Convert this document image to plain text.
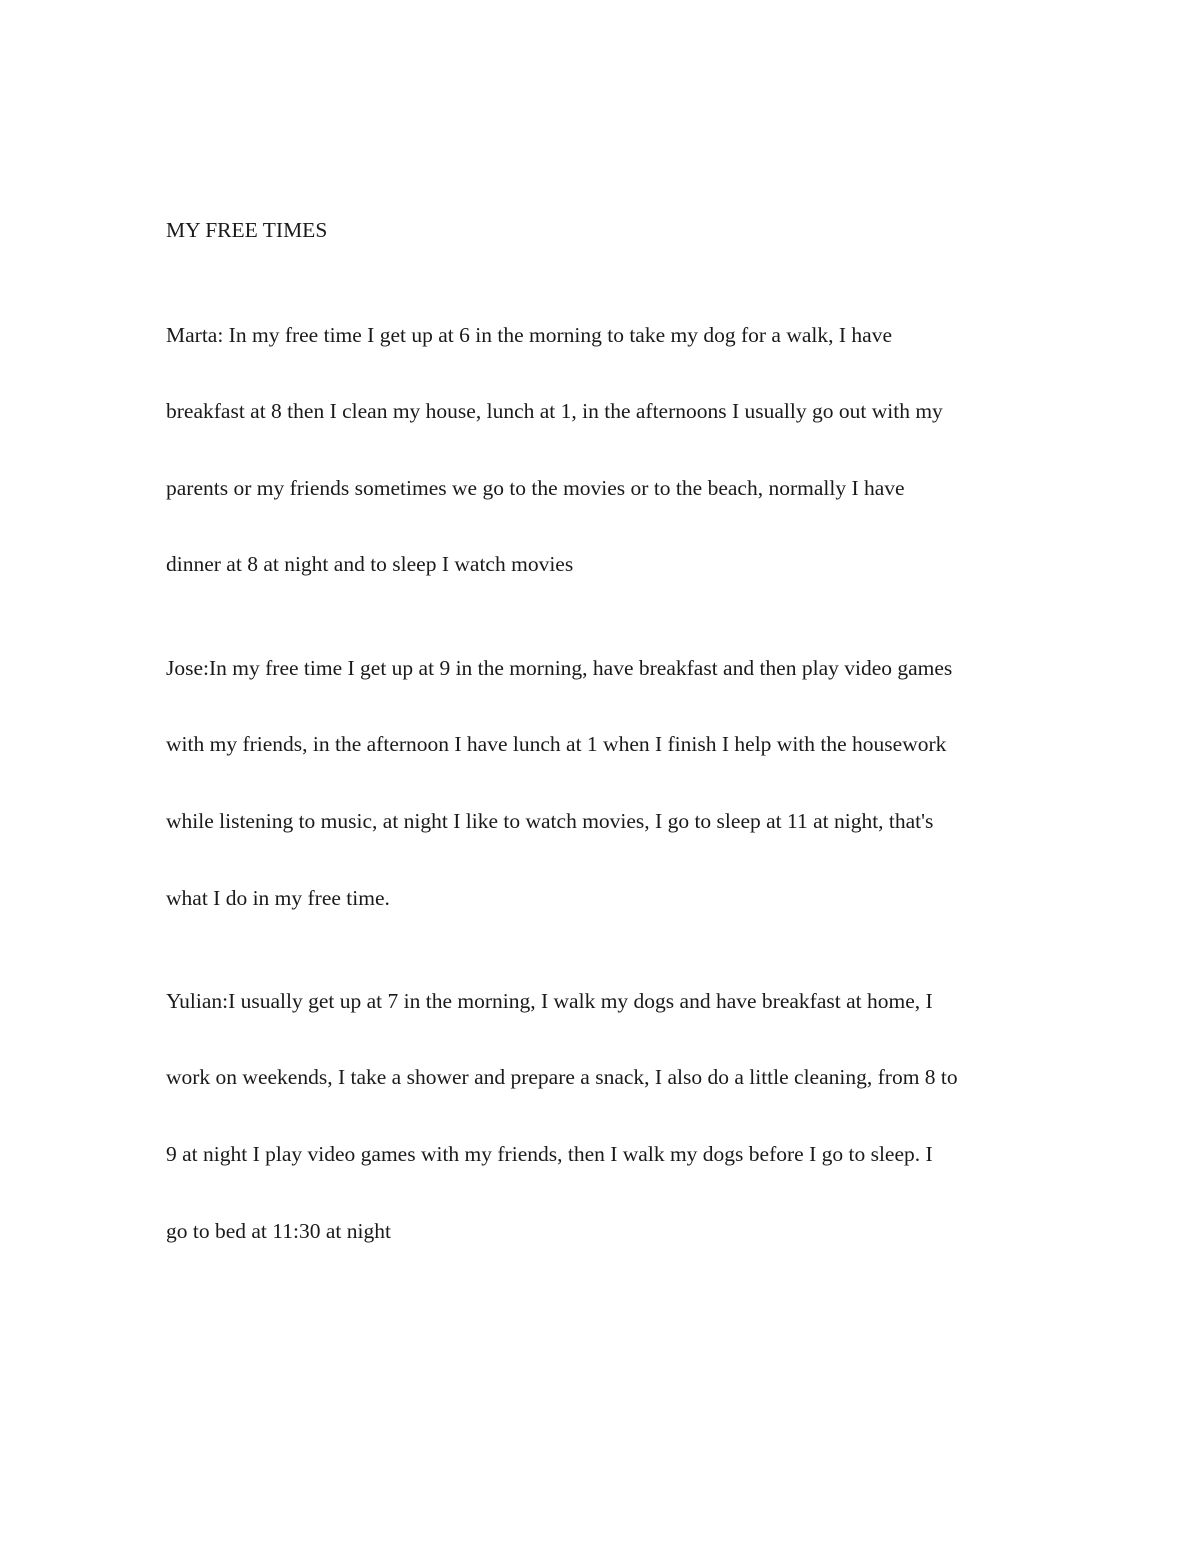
MY FREE TIMES

Marta: In my free time I get up at 6 in the morning to take my dog for a walk, I have

breakfast at 8 then I clean my house, lunch at 1, in the afternoons I usually go out with my

parents or my friends sometimes we go to the movies or to the beach, normally I have

dinner at 8 at night and to sleep I watch movies

Jose:In my free time I get up at 9 in the morning, have breakfast and then play video games

with my friends, in the afternoon I have lunch at 1 when I finish I help with the housework

while listening to music, at night I like to watch movies, I go to sleep at 11 at night, that's

what I do in my free time.

Yulian:I usually get up at 7 in the morning, I walk my dogs and have breakfast at home, I

work on weekends, I take a shower and prepare a snack, I also do a little cleaning, from 8 to

9 at night I play video games with my friends, then I walk my dogs before I go to sleep. I

go to bed at 11:30 at night
